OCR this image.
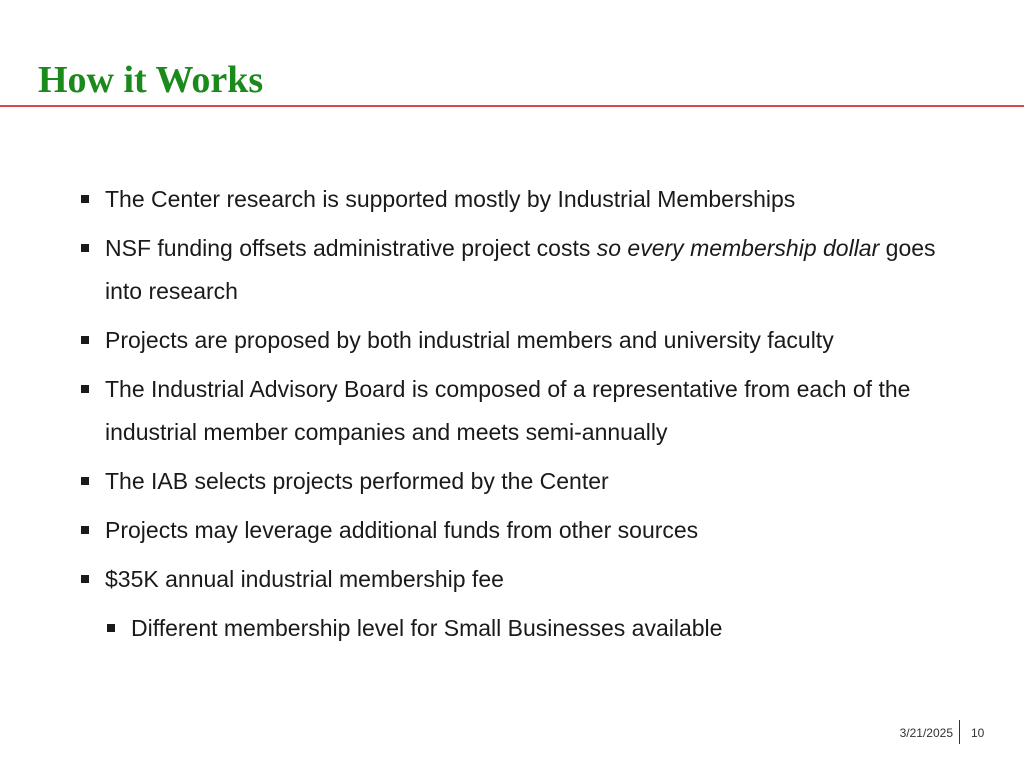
How it Works
The Center research is supported mostly by Industrial Memberships
NSF funding offsets administrative project costs so every membership dollar goes into research
Projects are proposed by both industrial members and university faculty
The Industrial Advisory Board is composed of a representative from each of the industrial member companies and meets semi-annually
The IAB selects projects performed by the Center
Projects may leverage additional funds from other sources
$35K annual industrial membership fee
Different membership level for Small Businesses available
3/21/2025 10
